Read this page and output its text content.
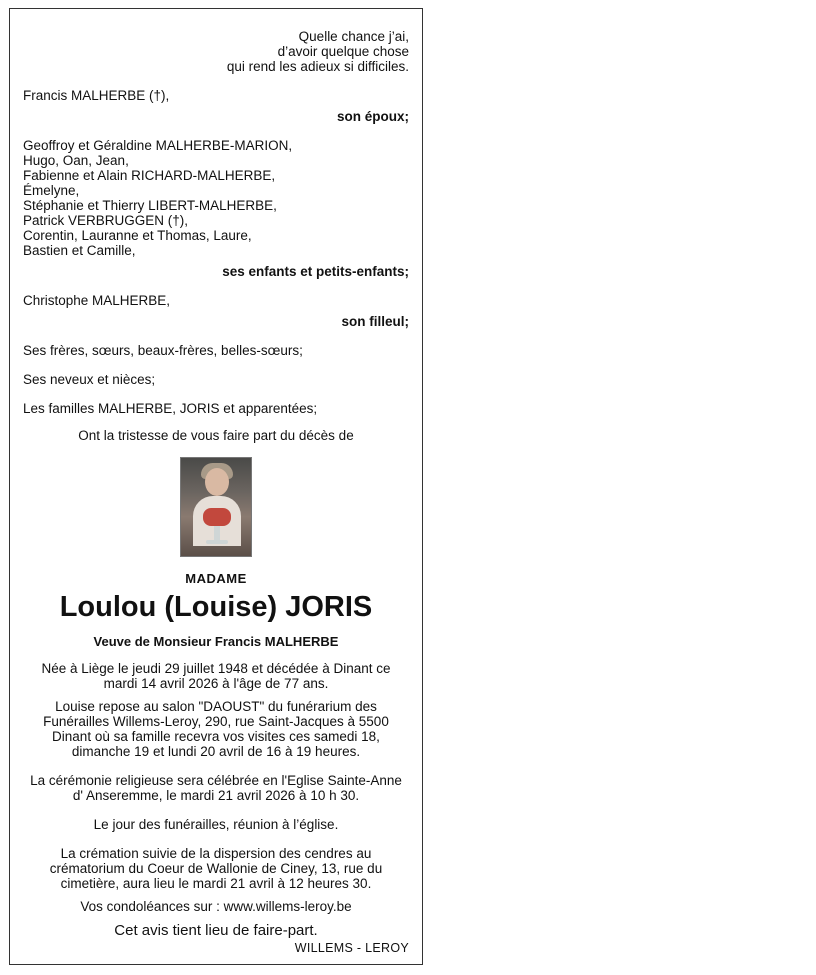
Quelle chance j’ai,
d’avoir quelque chose
qui rend les adieux si difficiles.
Francis MALHERBE (†),
son époux;
Geoffroy et Géraldine MALHERBE-MARION,
Hugo, Oan, Jean,
Fabienne et Alain RICHARD-MALHERBE,
Émelyne,
Stéphanie et Thierry LIBERT-MALHERBE,
Patrick VERBRUGGEN (†),
Corentin, Lauranne et Thomas, Laure,
Bastien et Camille,
ses enfants et petits-enfants;
Christophe MALHERBE,
son filleul;
Ses frères, sœurs, beaux-frères, belles-sœurs;
Ses neveux et nièces;
Les familles MALHERBE, JORIS et apparentées;
Ont la tristesse de vous faire part du décès de
MADAME
Loulou (Louise) JORIS
Veuve de Monsieur Francis MALHERBE
Née à Liège le jeudi 29 juillet 1948 et décédée à Dinant ce
mardi 14 avril 2026 à l'âge de 77 ans.
Louise repose au salon "DAOUST" du funérarium des
Funérailles Willems-Leroy, 290, rue Saint-Jacques à 5500
Dinant où sa famille recevra vos visites ces samedi 18,
dimanche 19 et lundi 20 avril de 16 à 19 heures.
La cérémonie religieuse sera célébrée en l'Eglise Sainte-Anne
d' Anseremme, le mardi 21 avril 2026 à 10 h 30.
Le jour des funérailles, réunion à l’église.
La crémation suivie de la dispersion des cendres au
crématorium du Coeur de Wallonie de Ciney, 13, rue du
cimetière, aura lieu le mardi 21 avril à 12 heures 30.
Vos condoléances sur : www.willems-leroy.be
Cet avis tient lieu de faire-part.
WILLEMS - LEROY
